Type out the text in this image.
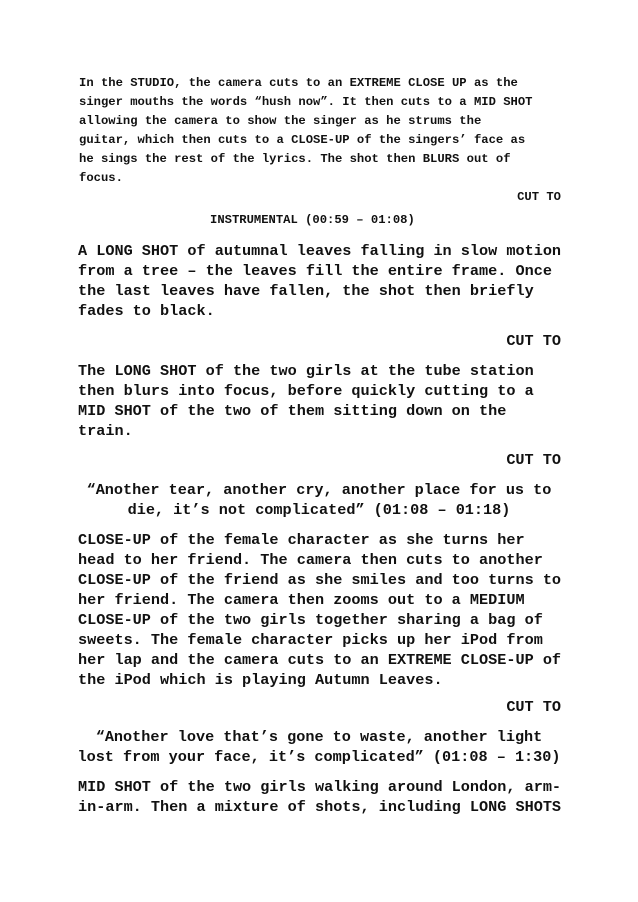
In the STUDIO, the camera cuts to an EXTREME CLOSE UP as the
singer mouths the words “hush now”. It then cuts to a MID SHOT
allowing the camera to show the singer as he strums the
guitar, which then cuts to a CLOSE-UP of the singers’ face as
he sings the rest of the lyrics. The shot then BLURS out of
focus.

CUT TO

INSTRUMENTAL (00:59 – 01:08)

A LONG SHOT of autumnal leaves falling in slow motion
from a tree – the leaves fill the entire frame. Once
the last leaves have fallen, the shot then briefly
fades to black.

CUT TO

The LONG SHOT of the two girls at the tube station
then blurs into focus, before quickly cutting to a
MID SHOT of the two of them sitting down on the
train.

CUT TO

“Another tear, another cry, another place for us to
die, it’s not complicated” (01:08 – 01:18)

CLOSE-UP of the female character as she turns her
head to her friend. The camera then cuts to another
CLOSE-UP of the friend as she smiles and too turns to
her friend. The camera then zooms out to a MEDIUM
CLOSE-UP of the two girls together sharing a bag of
sweets. The female character picks up her iPod from
her lap and the camera cuts to an EXTREME CLOSE-UP of
the iPod which is playing Autumn Leaves.

CUT TO

“Another love that’s gone to waste, another light
lost from your face, it’s complicated” (01:08 – 1:30)

MID SHOT of the two girls walking around London, arm-
in-arm. Then a mixture of shots, including LONG SHOTS
